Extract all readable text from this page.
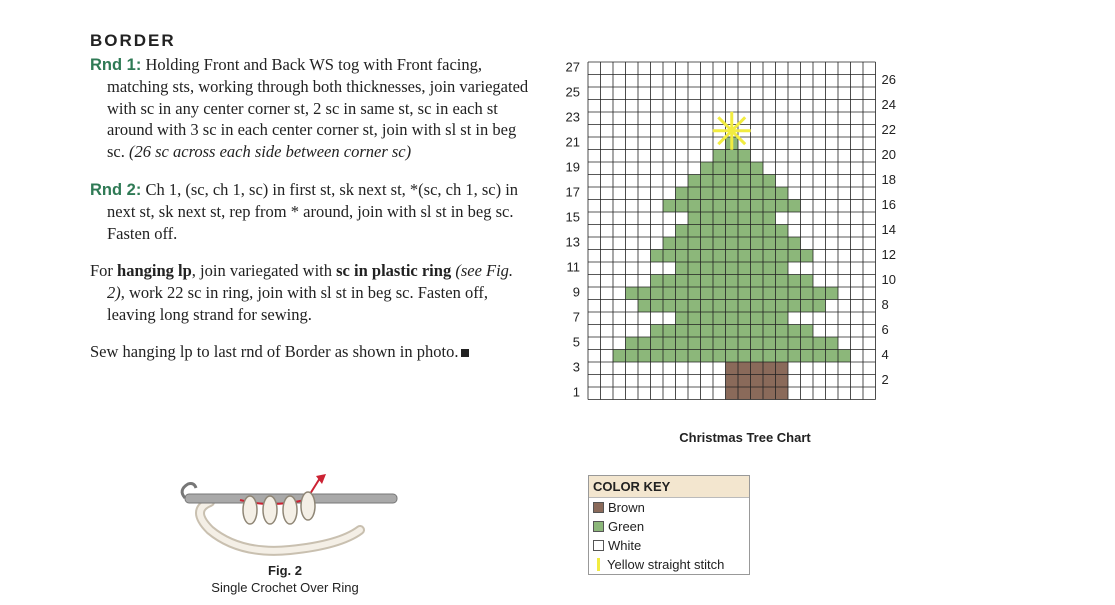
BORDER
Rnd 1: Holding Front and Back WS tog with Front facing, matching sts, working through both thicknesses, join variegated with sc in any center corner st, 2 sc in same st, sc in each st around with 3 sc in each center corner st, join with sl st in beg sc. (26 sc across each side between corner sc)
Rnd 2: Ch 1, (sc, ch 1, sc) in first st, sk next st, *(sc, ch 1, sc) in next st, sk next st, rep from * around, join with sl st in beg sc. Fasten off.
For hanging lp, join variegated with sc in plastic ring (see Fig. 2), work 22 sc in ring, join with sl st in beg sc. Fasten off, leaving long strand for sewing.
Sew hanging lp to last rnd of Border as shown in photo.
Fig. 2
Single Crochet Over Ring
1
3
5
7
9
11
13
15
17
19
21
23
25
27
2
4
6
8
10
12
14
16
18
20
22
24
26
Christmas Tree Chart
COLOR KEY
Brown
Green
White
Yellow straight stitch
